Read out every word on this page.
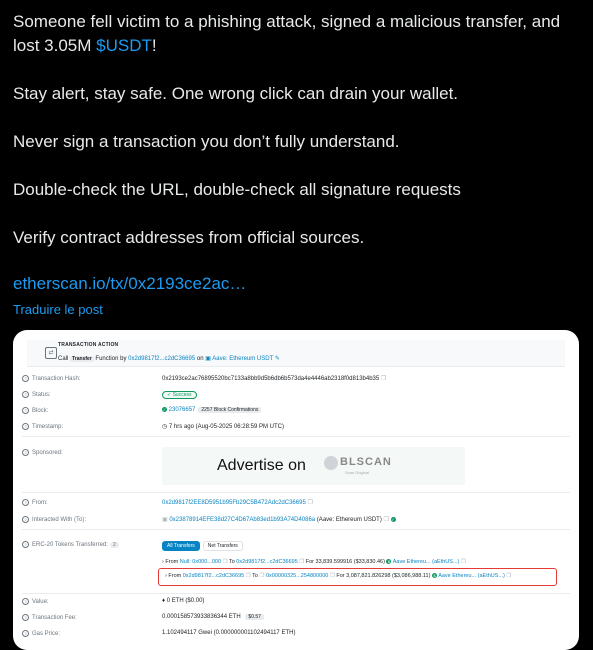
Someone fell victim to a phishing attack, signed a malicious transfer, and lost 3.05M $USDT!

Stay alert, stay safe. One wrong click can drain your wallet.

Never sign a transaction you don’t fully understand.

Double-check the URL, double-check all signature requests

Verify contract addresses from official sources.

etherscan.io/tx/0x2193ce2ac…
Traduire le post
⇄
TRANSACTION ACTION
Call Transfer Function by 0x2d9817f2...c2dC36695 on ▣ Aave: Ethereum USDT ✎
? Transaction Hash:	0x2193ce2ac76895520bc7133a8bb9d5b6db6b573da4e4446ab2318f0d813b4b35 ❐
? Status:	✓ Success
? Block:	✓ 23076657 2257 Block Confirmations
? Timestamp:	◷ 7 hrs ago (Aug-05-2025 06:28:59 PM UTC)
? Sponsored:
Advertise on	BLSCAN
Scan Original
? From:	0x2d9817f2EE8D5951b95Fb29C5B472Adc2dC36695 ❐
? Interacted With (To):	▣ 0x23878914EFE38d27C4D67Ab83ed1b93A74D4086a (Aave: Ethereum USDT) ❐ ✓
? ERC-20 Tokens Transferred: 2	All Transfers	Net Transfers
› From Null: 0x000...000 ❐ To 0x2d9817f2...c2dC36695 ❐ For 33,839.599916 ($33,830.46) $ Aave Ethereu... (aEthUS...) ❐
› From 0x2d9817f2...c2dC36695 ❐ To ❐ 0x00000325...254800000 ❐ For 3,087,821.826298 ($3,086,988.11) $ Aave Ethereu... (aEthUS...) ❐
? Value:	♦ 0 ETH ($0.00)
? Transaction Fee:	0.000158573933836344 ETH $0.57
? Gas Price:	1.102494117 Gwei (0.000000001102494117 ETH)
